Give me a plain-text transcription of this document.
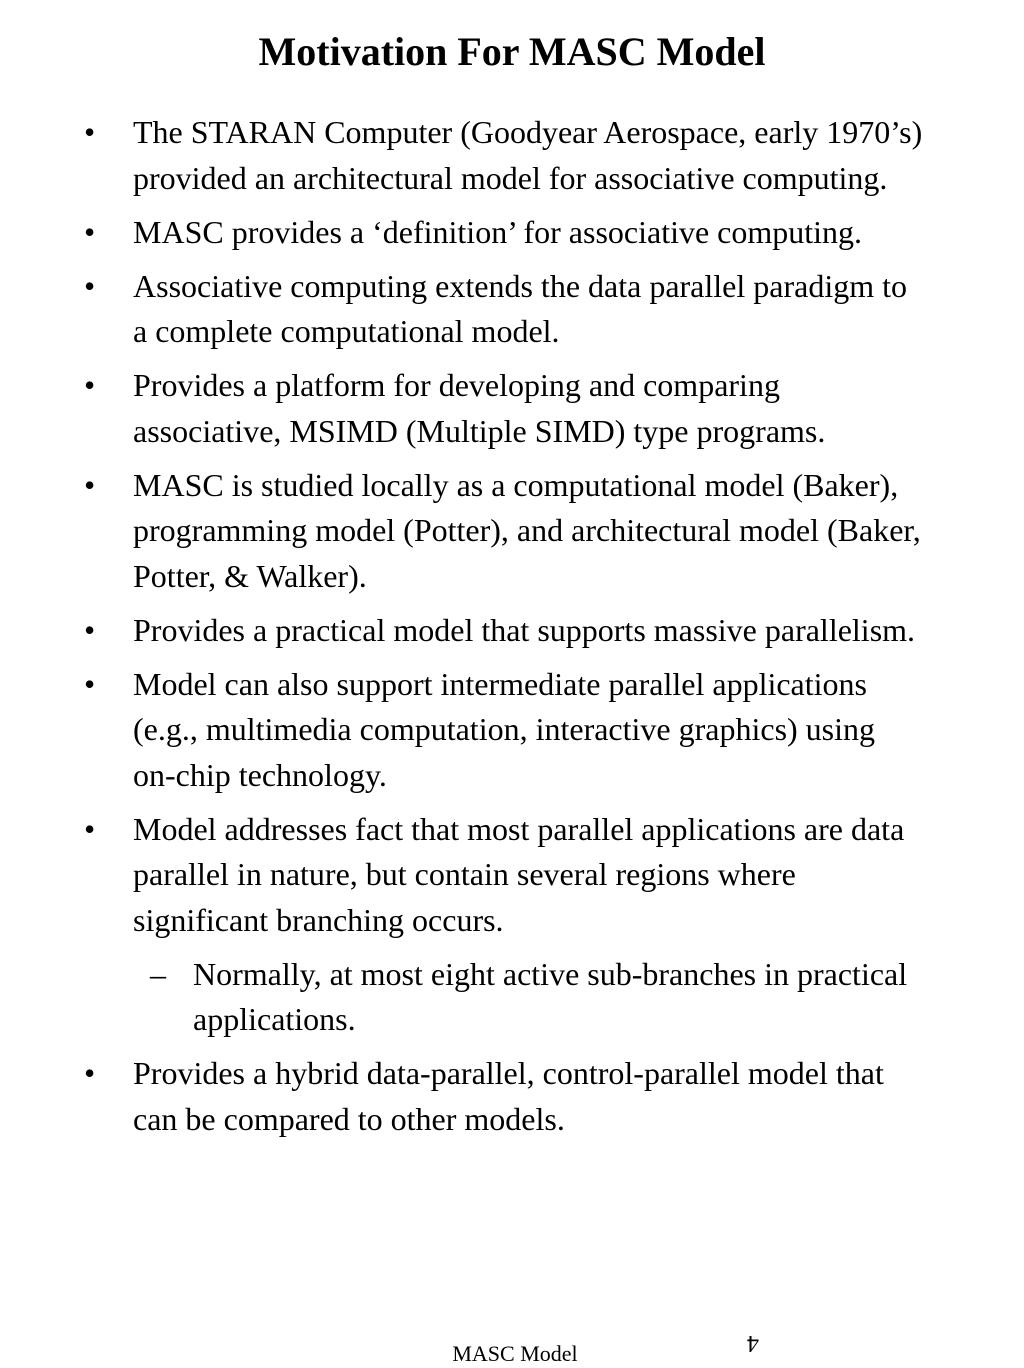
Motivation For MASC Model
• The STARAN Computer (Goodyear Aerospace, early 1970’s) provided an architectural model for associative computing.
• MASC provides a ‘definition’ for associative computing.
• Associative computing extends the data parallel paradigm to a complete computational model.
• Provides a platform for developing and comparing associative, MSIMD (Multiple SIMD) type programs.
• MASC is studied locally as a computational model (Baker), programming model (Potter), and architectural model (Baker, Potter, & Walker).
• Provides a practical model that supports massive parallelism.
• Model can also support intermediate parallel applications (e.g., multimedia computation, interactive graphics) using on-chip technology.
• Model addresses fact that most parallel applications are data parallel in nature, but contain several regions where significant branching occurs.
– Normally, at most eight active sub-branches in practical applications.
• Provides a hybrid data-parallel, control-parallel model that can be compared to other models.
MASC Model	4
